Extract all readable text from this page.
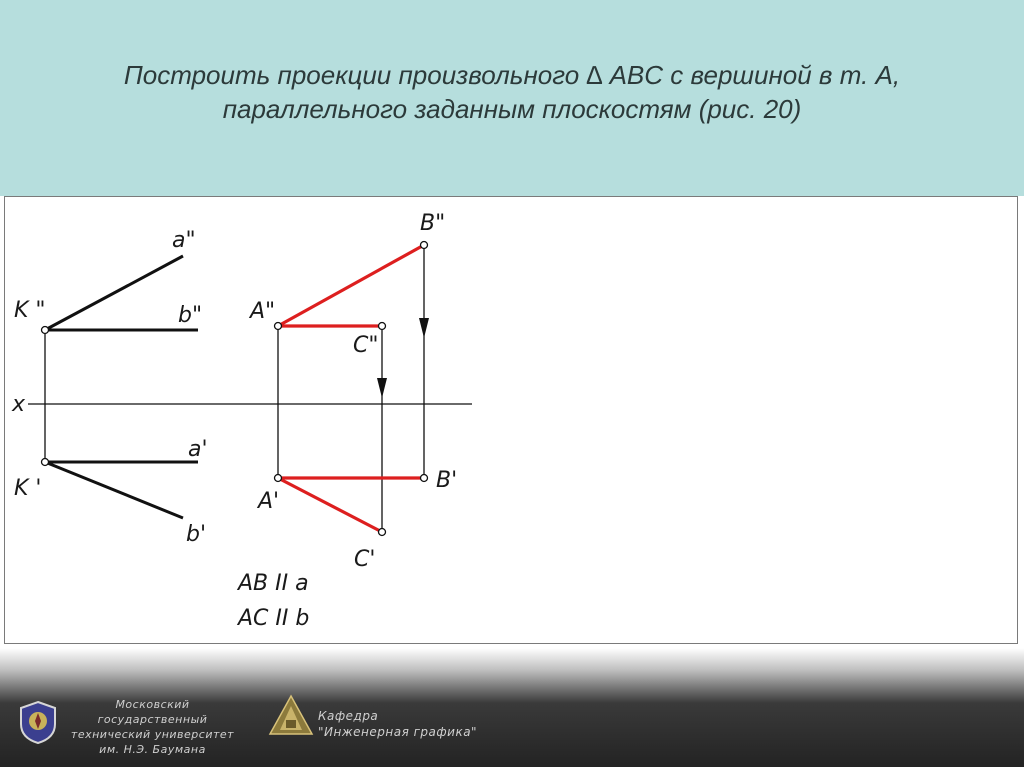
Построить проекции произвольного ∆ ABC с вершиной в т. A,
параллельного заданным плоскостям (рис. 20)
x
a"
b"
K "
a'
K '
b'
A"
B"
C"
A'
B'
C'
AB II a
AC II b
Московский государственный
технический университет
им. Н.Э. Баумана
Кафедра
"Инженерная графика"
